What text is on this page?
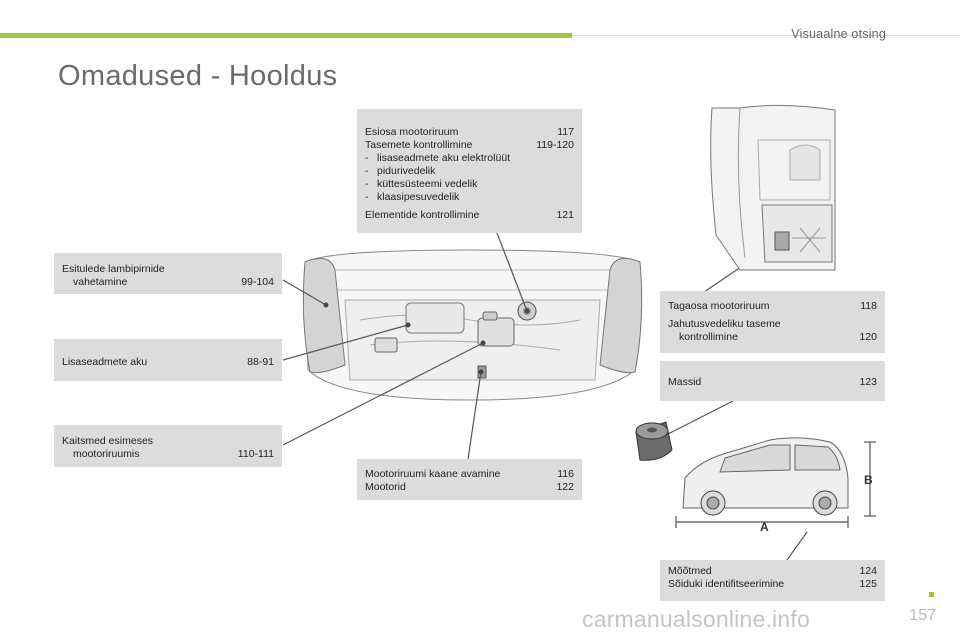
Visuaalne otsing
Omadused - Hooldus
A
B
Esiosa mootoriruum	117
Tasemete kontrollimine	119-120
- lisaseadmete aku elektrolüüt
- pidurivedelik
- küttesüsteemi vedelik
- klaasipesuvedelik
Elementide kontrollimine	121
Esitulede lambipirnide
vahetamine	99-104
Lisaseadmete aku	88-91
Kaitsmed esimeses
mootoriruumis	110-111
Mootoriruumi kaane avamine	116
Mootorid	122
Tagaosa mootoriruum	118
Jahutusvedeliku taseme
kontrollimine	120
Massid	123
Mõõtmed	124
Sõiduki identifitseerimine	125
157
carmanualsonline.info
